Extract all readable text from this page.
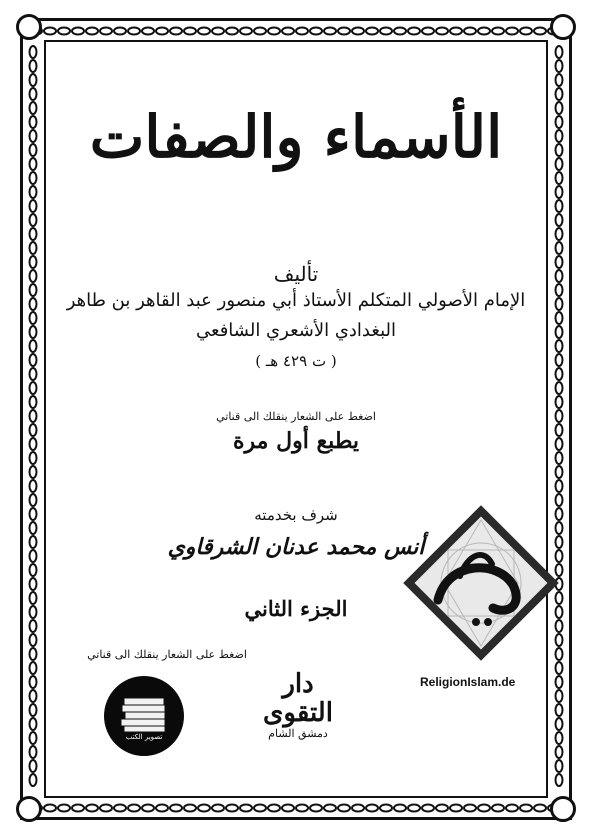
الأسماء والصفات
تأليف
الإمام الأصولي المتكلم الأستاذ أبي منصور عبد القاهر بن طاهر
البغدادي الأشعري الشافعي
( ت ٤٢٩ هـ )
اضغط على الشعار ينقلك الى قناتي
يطبع أول مرة
شرف بخدمته
أنس محمد عدنان الشرقاوي
الجزء الثاني
اضغط على الشعار ينقلك الى قناتي
دار التقوى
دمشق الشام
ReligionIslam.de
تصوير الكتب
